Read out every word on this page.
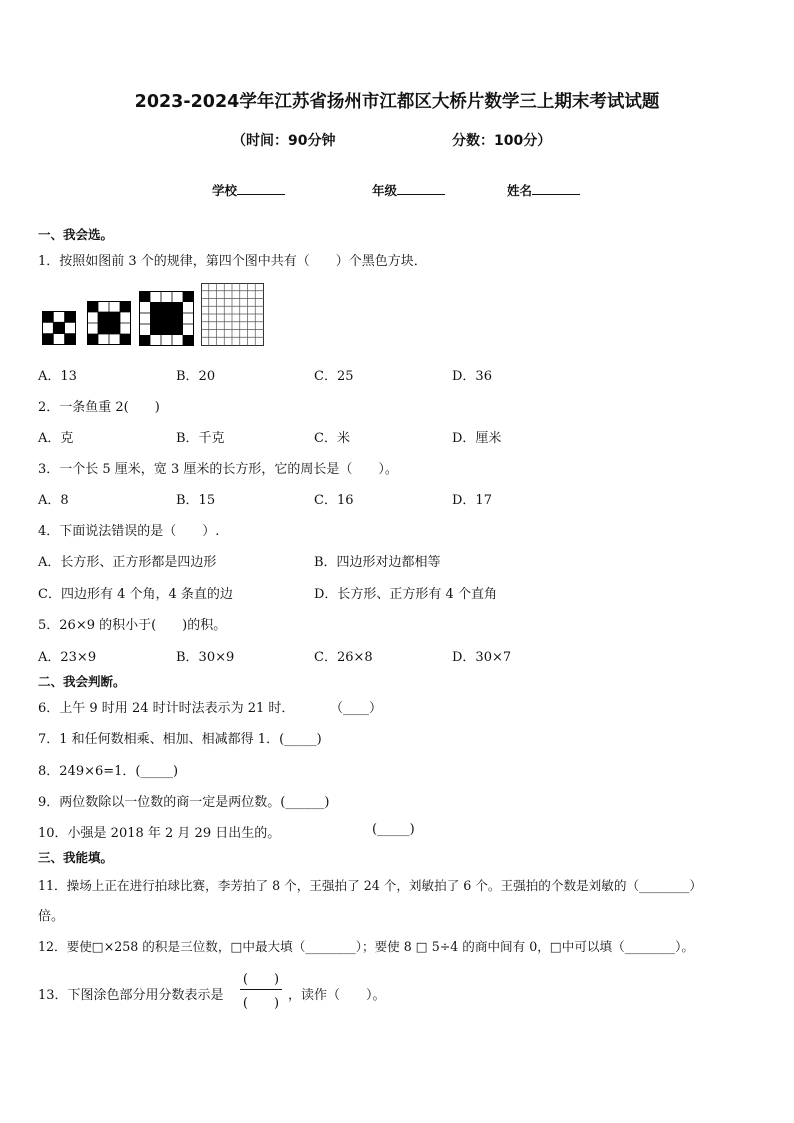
2023-2024学年江苏省扬州市江都区大桥片数学三上期末考试试题
（时间：90分钟	分数：100分）
学校	年级	姓名
一、我会选。
1．按照如图前 3 个的规律，第四个图中共有（　　）个黑色方块．
A．13	B．20	C．25	D．36
2．一条鱼重 2(　　)
A．克	B．千克	C．米	D．厘米
3．一个长 5 厘米，宽 3 厘米的长方形，它的周长是（　　）。
A．8	B．15	C．16	D．17
4．下面说法错误的是（　　）.
A．长方形、正方形都是四边形	B．四边形对边都相等
C．四边形有 4 个角，4 条直的边	D．长方形、正方形有 4 个直角
5．26×9 的积小于(　　)的积。
A．23×9	B．30×9	C．26×8	D．30×7
二、我会判断。
6．上午 9 时用 24 时计时法表示为 21 时．	（____）
7．1 和任何数相乘、相加、相减都得 1．(_____)
8．249×6=1．(_____)
9．两位数除以一位数的商一定是两位数。(______)
10．小强是 2018 年 2 月 29 日出生的。	(_____)
三、我能填。
11．操场上正在进行拍球比赛，李芳拍了 8 个，王强拍了 24 个，刘敏拍了 6 个。王强拍的个数是刘敏的（________）
倍。
12．要使□×258 的积是三位数，□中最大填（________）；要使 8 □ 5÷4 的商中间有 0，□中可以填（________）。
13．下图涂色部分用分数表示是
(　　)
(　　)
，读作（　　）。
